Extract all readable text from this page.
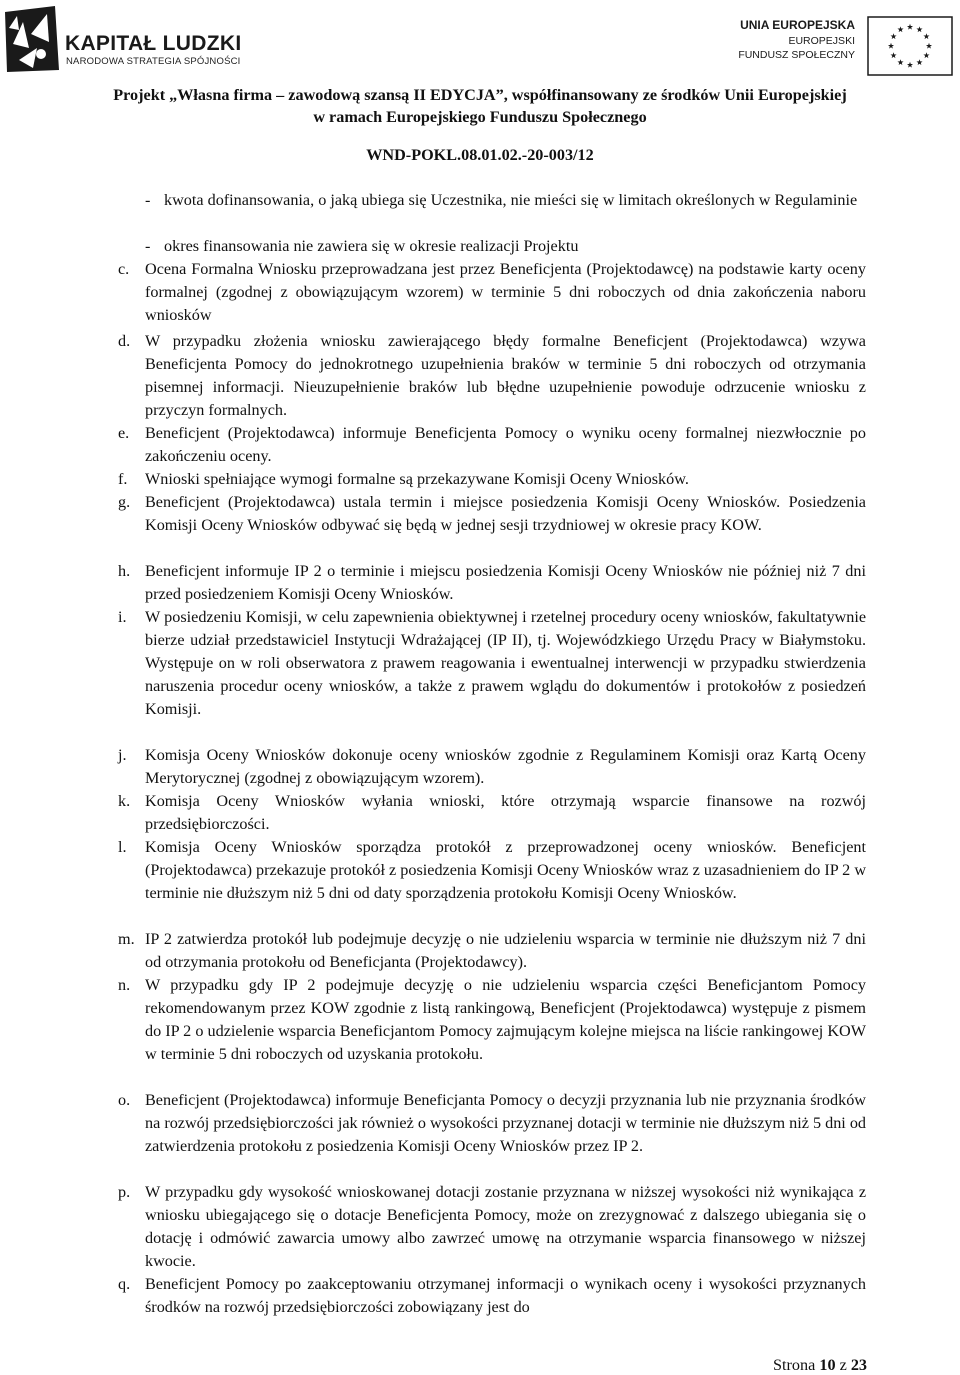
KAPITAŁ LUDZKI
NARODOWA STRATEGIA SPÓJNOŚCI
UNIA EUROPEJSKA
EUROPEJSKI
FUNDUSZ SPOŁECZNY
Projekt „Własna firma – zawodową szansą II EDYCJA”, współfinansowany ze środków Unii Europejskiej
w ramach Europejskiego Funduszu Społecznego
WND-POKL.08.01.02.-20-003/12
- kwota dofinansowania, o jaką ubiega się Uczestnika, nie mieści się w limitach określonych w Regulaminie
- okres finansowania nie zawiera się w okresie realizacji Projektu
c. Ocena Formalna Wniosku przeprowadzana jest przez Beneficjenta (Projektodawcę) na podstawie karty oceny formalnej (zgodnej z obowiązującym wzorem) w terminie 5 dni roboczych od dnia zakończenia naboru wniosków
d. W przypadku złożenia wniosku zawierającego błędy formalne Beneficjent (Projektodawca) wzywa Beneficjenta Pomocy do jednokrotnego uzupełnienia braków w terminie 5 dni roboczych od otrzymania pisemnej informacji. Nieuzupełnienie braków lub błędne uzupełnienie powoduje odrzucenie wniosku z przyczyn formalnych.
e. Beneficjent (Projektodawca) informuje Beneficjenta Pomocy o wyniku oceny formalnej niezwłocznie po zakończeniu oceny.
f. Wnioski spełniające wymogi formalne są przekazywane Komisji Oceny Wniosków.
g. Beneficjent (Projektodawca) ustala termin i miejsce posiedzenia Komisji Oceny Wniosków. Posiedzenia Komisji Oceny Wniosków odbywać się będą w jednej sesji trzydniowej w okresie pracy KOW.
h. Beneficjent informuje IP 2 o terminie i miejscu posiedzenia Komisji Oceny Wniosków nie później niż 7 dni przed posiedzeniem Komisji Oceny Wniosków.
i. W posiedzeniu Komisji, w celu zapewnienia obiektywnej i rzetelnej procedury oceny wniosków, fakultatywnie bierze udział przedstawiciel Instytucji Wdrażającej (IP II), tj. Wojewódzkiego Urzędu Pracy w Białymstoku. Występuje on w roli obserwatora z prawem reagowania i ewentualnej interwencji w przypadku stwierdzenia naruszenia procedur oceny wniosków, a także z prawem wglądu do dokumentów i protokołów z posiedzeń Komisji.
j. Komisja Oceny Wniosków dokonuje oceny wniosków zgodnie z Regulaminem Komisji oraz Kartą Oceny Merytorycznej (zgodnej z obowiązującym wzorem).
k. Komisja Oceny Wniosków wyłania wnioski, które otrzymają wsparcie finansowe na rozwój przedsiębiorczości.
l. Komisja Oceny Wniosków sporządza protokół z przeprowadzonej oceny wniosków. Beneficjent (Projektodawca) przekazuje protokół z posiedzenia Komisji Oceny Wniosków wraz z uzasadnieniem do IP 2 w terminie nie dłuższym niż 5 dni od daty sporządzenia protokołu Komisji Oceny Wniosków.
m. IP 2 zatwierdza protokół lub podejmuje decyzję o nie udzieleniu wsparcia w terminie nie dłuższym niż 7 dni od otrzymania protokołu od Beneficjanta (Projektodawcy).
n. W przypadku gdy IP 2 podejmuje decyzję o nie udzieleniu wsparcia części Beneficjantom Pomocy rekomendowanym przez KOW zgodnie z listą rankingową, Beneficjent (Projektodawca) występuje z pismem do IP 2 o udzielenie wsparcia Beneficjantom Pomocy zajmującym kolejne miejsca na liście rankingowej KOW w terminie 5 dni roboczych od uzyskania protokołu.
o. Beneficjent (Projektodawca) informuje Beneficjanta Pomocy o decyzji przyznania lub nie przyznania środków na rozwój przedsiębiorczości jak również o wysokości przyznanej dotacji w terminie nie dłuższym niż 5 dni od zatwierdzenia protokołu z posiedzenia Komisji Oceny Wniosków przez IP 2.
p. W przypadku gdy wysokość wnioskowanej dotacji zostanie przyznana w niższej wysokości niż wynikająca z wniosku ubiegającego się o dotacje Beneficjenta Pomocy, może on zrezygnować z dalszego ubiegania się o dotację i odmówić zawarcia umowy albo zawrzeć umowę na otrzymanie wsparcia finansowego w niższej kwocie.
q. Beneficjent Pomocy po zaakceptowaniu otrzymanej informacji o wynikach oceny i wysokości przyznanych środków na rozwój przedsiębiorczości zobowiązany jest do
Strona 10 z 23
